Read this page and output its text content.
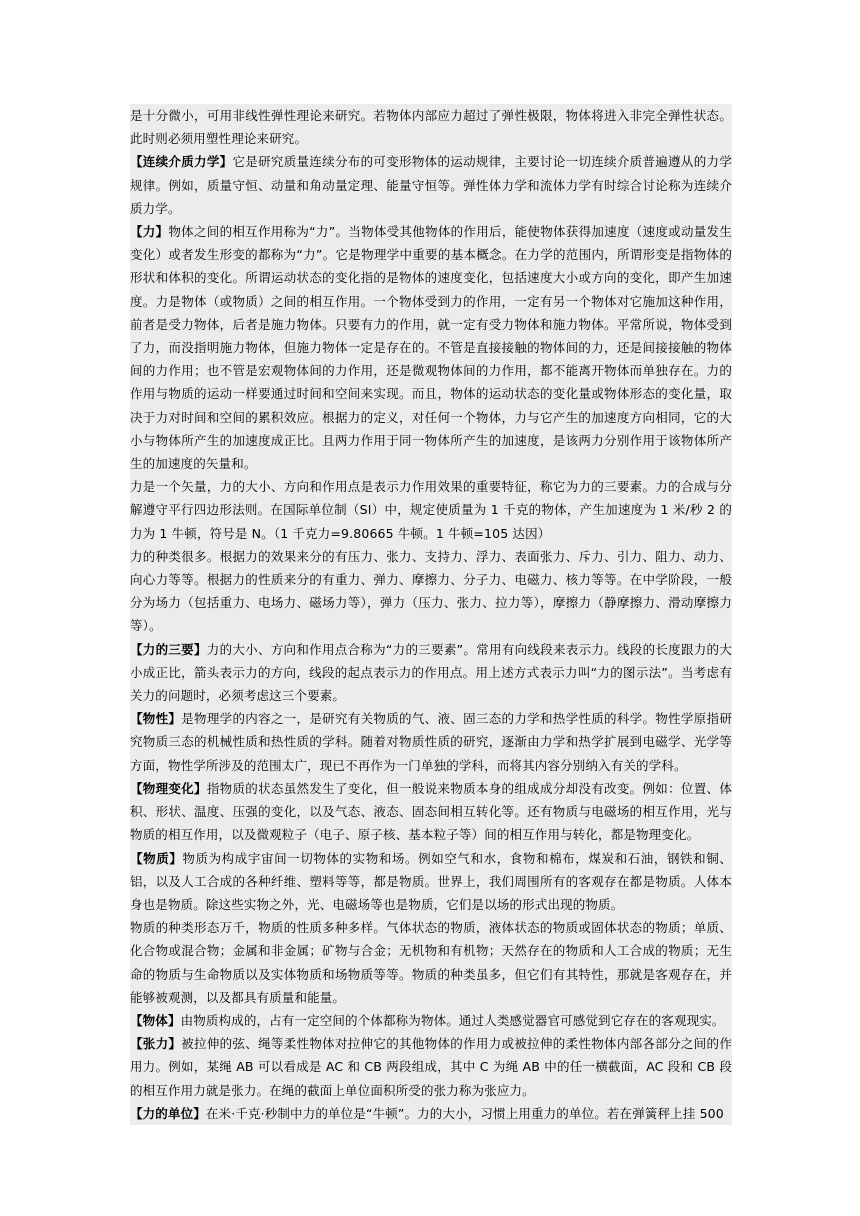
是十分微小，可用非线性弹性理论来研究。若物体内部应力超过了弹性极限，物体将进入非完全弹性状态。此时则必须用塑性理论来研究。

【连续介质力学】它是研究质量连续分布的可变形物体的运动规律，主要讨论一切连续介质普遍遵从的力学规律。例如，质量守恒、动量和角动量定理、能量守恒等。弹性体力学和流体力学有时综合讨论称为连续介质力学。

【力】物体之间的相互作用称为“力”。当物体受其他物体的作用后，能使物体获得加速度（速度或动量发生变化）或者发生形变的都称为“力”。它是物理学中重要的基本概念。在力学的范围内，所谓形变是指物体的形状和体积的变化。所谓运动状态的变化指的是物体的速度变化，包括速度大小或方向的变化，即产生加速度。力是物体（或物质）之间的相互作用。一个物体受到力的作用，一定有另一个物体对它施加这种作用，前者是受力物体，后者是施力物体。只要有力的作用，就一定有受力物体和施力物体。平常所说，物体受到了力，而没指明施力物体，但施力物体一定是存在的。不管是直接接触的物体间的力，还是间接接触的物体间的力作用；也不管是宏观物体间的力作用，还是微观物体间的力作用，都不能离开物体而单独存在。力的作用与物质的运动一样要通过时间和空间来实现。而且，物体的运动状态的变化量或物体形态的变化量，取决于力对时间和空间的累积效应。根据力的定义，对任何一个物体，力与它产生的加速度方向相同，它的大小与物体所产生的加速度成正比。且两力作用于同一物体所产生的加速度，是该两力分别作用于该物体所产生的加速度的矢量和。

力是一个矢量，力的大小、方向和作用点是表示力作用效果的重要特征，称它为力的三要素。力的合成与分解遵守平行四边形法则。在国际单位制（SI）中，规定使质量为 1 千克的物体，产生加速度为 1 米/秒 2 的力为 1 牛顿，符号是 N。（1 千克力=9.80665 牛顿。1 牛顿=105 达因）

力的种类很多。根据力的效果来分的有压力、张力、支持力、浮力、表面张力、斥力、引力、阻力、动力、向心力等等。根据力的性质来分的有重力、弹力、摩擦力、分子力、电磁力、核力等等。在中学阶段，一般分为场力（包括重力、电场力、磁场力等），弹力（压力、张力、拉力等），摩擦力（静摩擦力、滑动摩擦力等）。

【力的三要】力的大小、方向和作用点合称为“力的三要素”。常用有向线段来表示力。线段的长度跟力的大小成正比，箭头表示力的方向，线段的起点表示力的作用点。用上述方式表示力叫“力的图示法”。当考虑有关力的问题时，必须考虑这三个要素。

【物性】是物理学的内容之一，是研究有关物质的气、液、固三态的力学和热学性质的科学。物性学原指研究物质三态的机械性质和热性质的学科。随着对物质性质的研究，逐渐由力学和热学扩展到电磁学、光学等方面，物性学所涉及的范围太广，现已不再作为一门单独的学科，而将其内容分别纳入有关的学科。

【物理变化】指物质的状态虽然发生了变化，但一般说来物质本身的组成成分却没有改变。例如：位置、体积、形状、温度、压强的变化，以及气态、液态、固态间相互转化等。还有物质与电磁场的相互作用，光与物质的相互作用，以及微观粒子（电子、原子核、基本粒子等）间的相互作用与转化，都是物理变化。

【物质】物质为构成宇宙间一切物体的实物和场。例如空气和水，食物和棉布，煤炭和石油，钢铁和铜、铝，以及人工合成的各种纤维、塑料等等，都是物质。世界上，我们周围所有的客观存在都是物质。人体本身也是物质。除这些实物之外，光、电磁场等也是物质，它们是以场的形式出现的物质。

物质的种类形态万千，物质的性质多种多样。气体状态的物质，液体状态的物质或固体状态的物质；单质、化合物或混合物；金属和非金属；矿物与合金；无机物和有机物；天然存在的物质和人工合成的物质；无生命的物质与生命物质以及实体物质和场物质等等。物质的种类虽多，但它们有其特性，那就是客观存在，并能够被观测，以及都具有质量和能量。

【物体】由物质构成的，占有一定空间的个体都称为物体。通过人类感觉器官可感觉到它存在的客观现实。

【张力】被拉伸的弦、绳等柔性物体对拉伸它的其他物体的作用力或被拉伸的柔性物体内部各部分之间的作用力。例如，某绳 AB 可以看成是 AC 和 CB 两段组成，其中 C 为绳 AB 中的任一横截面，AC 段和 CB 段的相互作用力就是张力。在绳的截面上单位面积所受的张力称为张应力。

【力的单位】在米·千克·秒制中力的单位是“牛顿”。力的大小，习惯上用重力的单位。若在弹簧秤上挂 500
